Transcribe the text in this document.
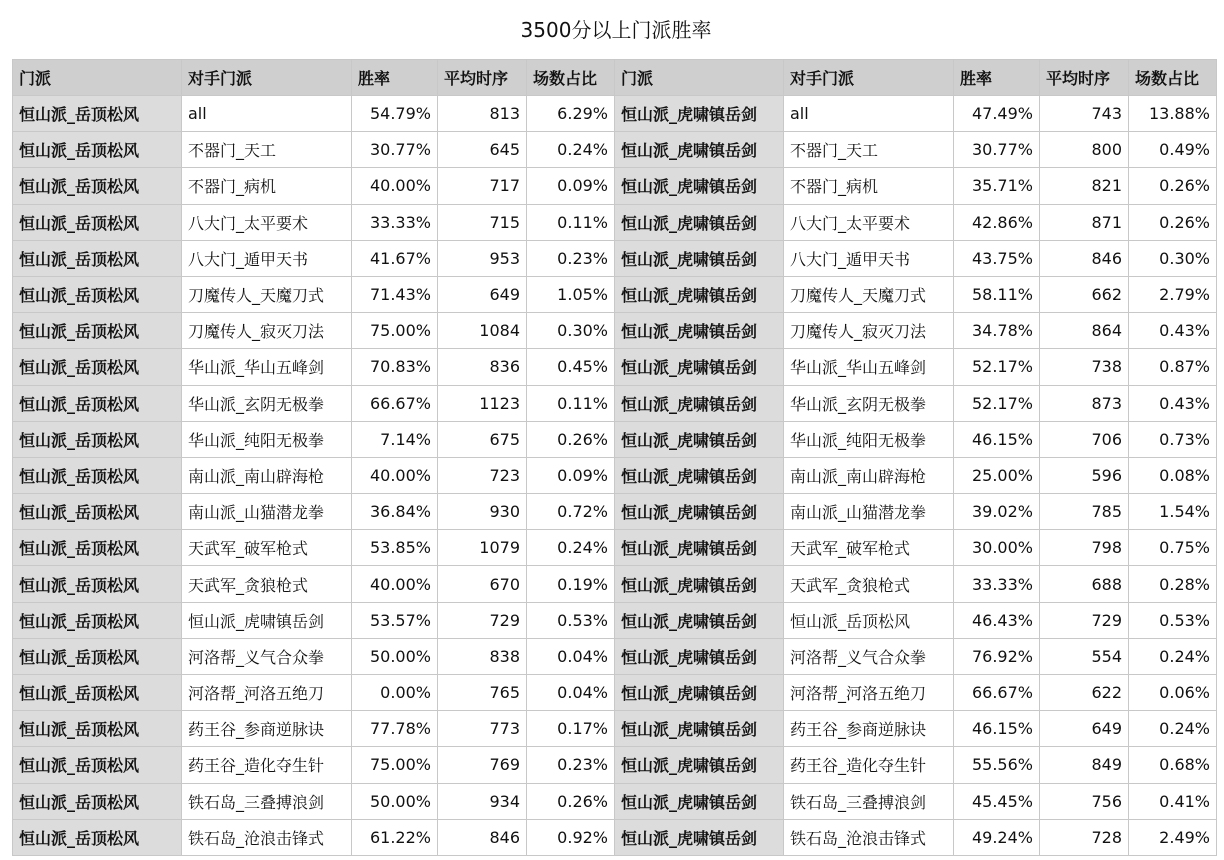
3500分以上门派胜率
门派	对手门派	胜率	平均时序	场数占比	门派	对手门派	胜率	平均时序	场数占比
恒山派_岳顶松风	all	54.79%	813	6.29%	恒山派_虎啸镇岳剑	all	47.49%	743	13.88%
恒山派_岳顶松风	不器门_天工	30.77%	645	0.24%	恒山派_虎啸镇岳剑	不器门_天工	30.77%	800	0.49%
恒山派_岳顶松风	不器门_病机	40.00%	717	0.09%	恒山派_虎啸镇岳剑	不器门_病机	35.71%	821	0.26%
恒山派_岳顶松风	八大门_太平要术	33.33%	715	0.11%	恒山派_虎啸镇岳剑	八大门_太平要术	42.86%	871	0.26%
恒山派_岳顶松风	八大门_遁甲天书	41.67%	953	0.23%	恒山派_虎啸镇岳剑	八大门_遁甲天书	43.75%	846	0.30%
恒山派_岳顶松风	刀魔传人_天魔刀式	71.43%	649	1.05%	恒山派_虎啸镇岳剑	刀魔传人_天魔刀式	58.11%	662	2.79%
恒山派_岳顶松风	刀魔传人_寂灭刀法	75.00%	1084	0.30%	恒山派_虎啸镇岳剑	刀魔传人_寂灭刀法	34.78%	864	0.43%
恒山派_岳顶松风	华山派_华山五峰剑	70.83%	836	0.45%	恒山派_虎啸镇岳剑	华山派_华山五峰剑	52.17%	738	0.87%
恒山派_岳顶松风	华山派_玄阴无极拳	66.67%	1123	0.11%	恒山派_虎啸镇岳剑	华山派_玄阴无极拳	52.17%	873	0.43%
恒山派_岳顶松风	华山派_纯阳无极拳	7.14%	675	0.26%	恒山派_虎啸镇岳剑	华山派_纯阳无极拳	46.15%	706	0.73%
恒山派_岳顶松风	南山派_南山辟海枪	40.00%	723	0.09%	恒山派_虎啸镇岳剑	南山派_南山辟海枪	25.00%	596	0.08%
恒山派_岳顶松风	南山派_山猫潜龙拳	36.84%	930	0.72%	恒山派_虎啸镇岳剑	南山派_山猫潜龙拳	39.02%	785	1.54%
恒山派_岳顶松风	天武军_破军枪式	53.85%	1079	0.24%	恒山派_虎啸镇岳剑	天武军_破军枪式	30.00%	798	0.75%
恒山派_岳顶松风	天武军_贪狼枪式	40.00%	670	0.19%	恒山派_虎啸镇岳剑	天武军_贪狼枪式	33.33%	688	0.28%
恒山派_岳顶松风	恒山派_虎啸镇岳剑	53.57%	729	0.53%	恒山派_虎啸镇岳剑	恒山派_岳顶松风	46.43%	729	0.53%
恒山派_岳顶松风	河洛帮_义气合众拳	50.00%	838	0.04%	恒山派_虎啸镇岳剑	河洛帮_义气合众拳	76.92%	554	0.24%
恒山派_岳顶松风	河洛帮_河洛五绝刀	0.00%	765	0.04%	恒山派_虎啸镇岳剑	河洛帮_河洛五绝刀	66.67%	622	0.06%
恒山派_岳顶松风	药王谷_参商逆脉诀	77.78%	773	0.17%	恒山派_虎啸镇岳剑	药王谷_参商逆脉诀	46.15%	649	0.24%
恒山派_岳顶松风	药王谷_造化夺生针	75.00%	769	0.23%	恒山派_虎啸镇岳剑	药王谷_造化夺生针	55.56%	849	0.68%
恒山派_岳顶松风	铁石岛_三叠搏浪剑	50.00%	934	0.26%	恒山派_虎啸镇岳剑	铁石岛_三叠搏浪剑	45.45%	756	0.41%
恒山派_岳顶松风	铁石岛_沧浪击锋式	61.22%	846	0.92%	恒山派_虎啸镇岳剑	铁石岛_沧浪击锋式	49.24%	728	2.49%
